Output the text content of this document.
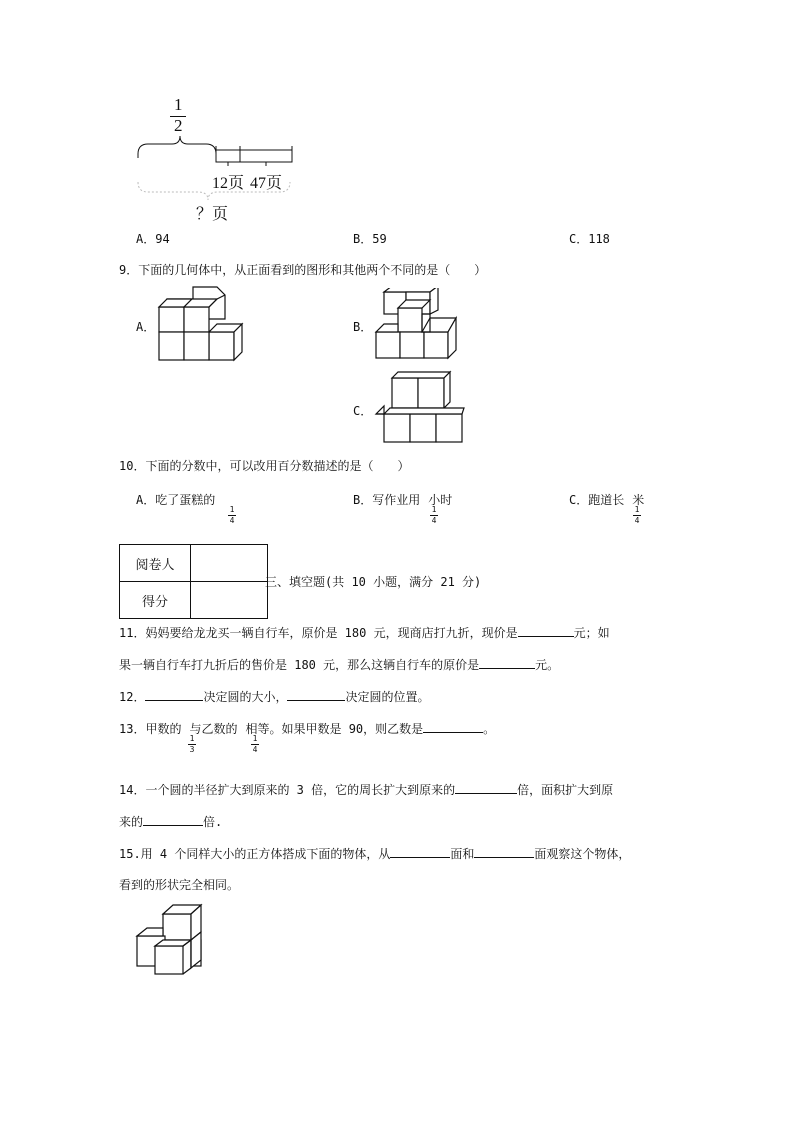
1
2
12页 47页
？页
A．94	B．59	C．118
9．下面的几何体中，从正面看到的图形和其他两个不同的是（　　）
A．	B．
C．
10．下面的分数中，可以改用百分数描述的是（　　）
A．吃了蛋糕的
1
4
B．写作业用 小时
1
4
C．跑道长 米
1
4
阅卷人	
得分	
三、填空题(共 10 小题，满分 21 分)
11．妈妈要给龙龙买一辆自行车，原价是 180 元，现商店打九折，现价是	元；如
果一辆自行车打九折后的售价是 180 元，那么这辆自行车的原价是	元。
12．	决定圆的大小，	决定圆的位置。
13．甲数的 与乙数的 相等。如果甲数是 90，则乙数是	。
1
3
1
4
14．一个圆的半径扩大到原来的 3 倍，它的周长扩大到原来的	倍，面积扩大到原
来的	倍.
15.用 4 个同样大小的正方体搭成下面的物体，从	面和	面观察这个物体，
看到的形状完全相同。
